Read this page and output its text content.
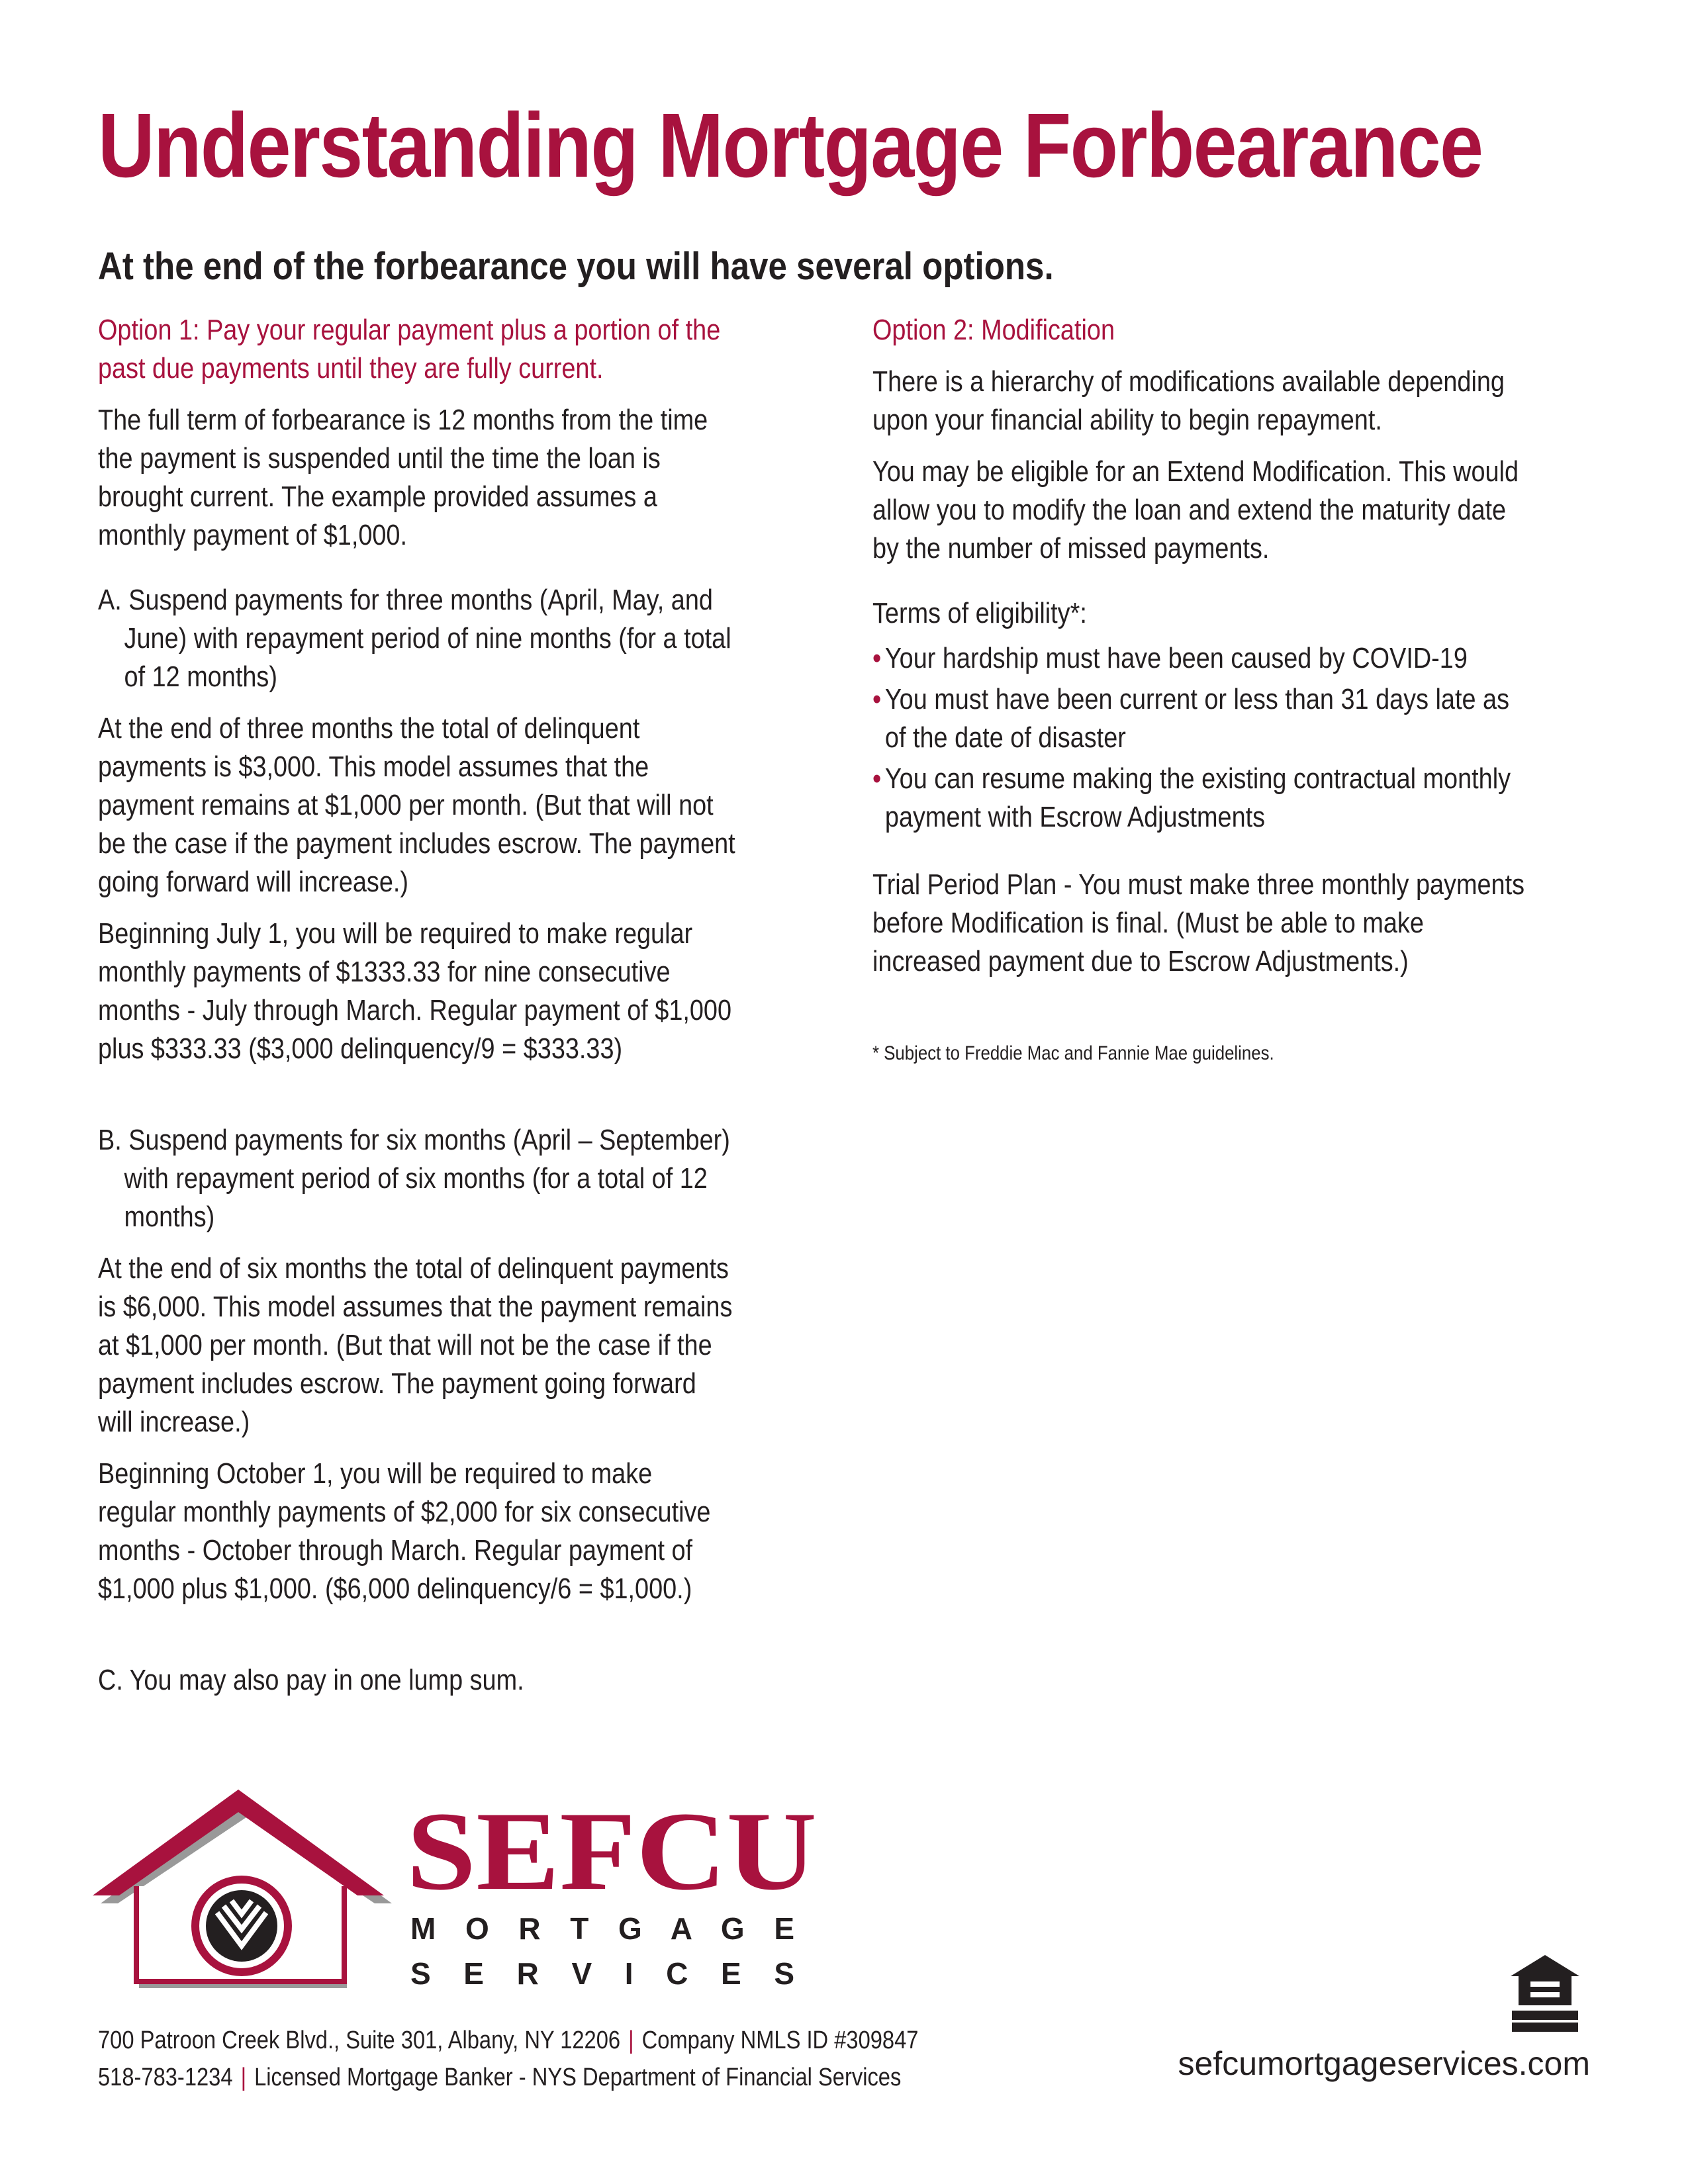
Understanding Mortgage Forbearance
At the end of the forbearance you will have several options.

Option 1: Pay your regular payment plus a portion of the past due payments until they are fully current.

The full term of forbearance is 12 months from the time the payment is suspended until the time the loan is brought current. The example provided assumes a monthly payment of $1,000.

A. Suspend payments for three months (April, May, and June) with repayment period of nine months (for a total of 12 months)

At the end of three months the total of delinquent payments is $3,000. This model assumes that the payment remains at $1,000 per month. (But that will not be the case if the payment includes escrow. The payment going forward will increase.)

Beginning July 1, you will be required to make regular monthly payments of $1333.33 for nine consecutive months - July through March. Regular payment of $1,000 plus $333.33 ($3,000 delinquency/9 = $333.33)

B. Suspend payments for six months (April – September) with repayment period of six months (for a total of 12 months)

At the end of six months the total of delinquent payments is $6,000. This model assumes that the payment remains at $1,000 per month. (But that will not be the case if the payment includes escrow. The payment going forward will increase.)

Beginning October 1, you will be required to make regular monthly payments of $2,000 for six consecutive months - October through March. Regular payment of $1,000 plus $1,000. ($6,000 delinquency/6 = $1,000.)

C. You may also pay in one lump sum.

Option 2: Modification

There is a hierarchy of modifications available depending upon your financial ability to begin repayment.

You may be eligible for an Extend Modification. This would allow you to modify the loan and extend the maturity date by the number of missed payments.

Terms of eligibility*:

• Your hardship must have been caused by COVID-19
• You must have been current or less than 31 days late as of the date of disaster
• You can resume making the existing contractual monthly payment with Escrow Adjustments

Trial Period Plan - You must make three monthly payments before Modification is final. (Must be able to make increased payment due to Escrow Adjustments.)

* Subject to Freddie Mac and Fannie Mae guidelines.

SEFCU
M O R T G A G E
S E R V I C E S
700 Patroon Creek Blvd., Suite 301, Albany, NY 12206 | Company NMLS ID #309847
518-783-1234 | Licensed Mortgage Banker - NYS Department of Financial Services	sefcumortgageservices.com
